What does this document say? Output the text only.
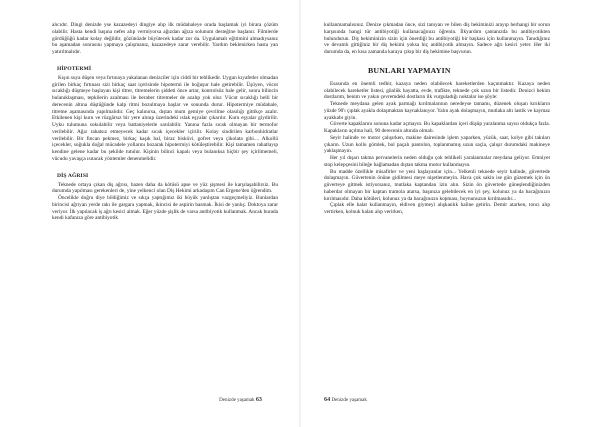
alıcıdır. Dingi denizde yse kazazedeyi dingiye alıp ilk müdahaleye orada başlamak iyi birara çözüm olabilir. Hasta kendi başına nefes alıp vermiyorsa ağızdan ağıza solunum desteğine başlanır. Filmlerde gördüğüğü kadar kolay değildir, gözünüzde büyütecek kadar zor da. Uygulamalı eğitimini almadıysanız bu aşamadan sonrasını yapmaya çalışmanız, kazazedeye zarar verebilir. Yardım beklenirken hasta yan yatırılmalıdır.

HİPOTERMİ

Kışın suya düşen veya fırtınaya yakalanan denizciler için ciddi bir tehlikedir. Uygun kıyafetler olmadan girilen birkaç fırtınası sizi birkaç saat içerisinde hipotermi ile boğuşur hale getirebilir. Üşüyen, vücut sıcaklığı düşmeye başlayan kişi titrer, titremelerin şiddeti önce artar, kontrolsüz hale gelir, sonra bilincin bulanıklaşması, tepkilerin azalması ile beraber titremeler de azalıp yok olur. Vücut sıcaklığı belli bir derecenin altına düştüğünde kalp ritmi bozulmaya başlar ve sonunda durur. Hipotermiye müdahale, titreme aşamasında yapılmalıdır. Geç kalınırsa, dıştan mum gemiye çevrilme olasılığı gittikçe azalır. Etkilenen kişi kuru ve rüzgârsız bir yere alınıp üzerindeki ıslak eşyalar çıkarılır. Kuru eşyalar giydirilir. Uyku tulumuna sokulabilir veya battaniyelerle sarılabilir. Yanına fazla sıcak olmayan bir termofor verilebilir. Ağız rahatsız etmeyecek kadar sıcak içecekler içirilir. Kolay sindirilen karbonhidratlar verilebilir. Bir fincan pekmez, birkaç kaşık bal, biraz bisküvi, gofret veya çikolata gibi.... Alkollü içecekler, soğukla doğal mücadele yollarını bozarak hipotermiyi kötüleştirebilir. Kişi tamamen rahatlayıp kendine gelene kadar bu şekilde tutulur. Kişinin bilinci kapalı veya bulanıksa hiçbir şey içirilmemeli, vücudu yavaşça ısıtacak yöntemler denenmelidir.

DİŞ AĞRISI

Teknede ortaya çıkan diş ağrısı, bazen daha da kötüsü apse ve yüz şişmesi ile karşılaşabilirsiz. Bu durumda yapılması gerekenleri de, yine yelkenci olan Diş Hekimi arkadaşım Can Ergene'den öğrendim.

Öncelikle doğru diye bildiğimiz ve sıkça yaptığımız iki büyük yanlıştan vazgeçmeliyiz. Bunlardan birincisi ağrıyan yerde rakı ile gargara yapmak, ikincisi de aspirin basmak. İkisi de yanlış. Doktoya zarar veriyor. İlk yapılacak iş ağrı kesici almak. Eğer yüzde şişlik de varsa antibiyotik kullanmak. Ancak burada kendi kafanıza göre antibiyotik

Denizde yaşamak 63

kullanmamalısınız. Denize çıkmadan önce, sizi tanıyan ve bilen diş hekiminizi arayıp herhangi bir sorun karşısında hangi tür antibiyotiği kullanacağınızı öğrenin. İlkyardım çantanızda bu antibiyotikten bulundurun. Diş hekiminizin sizin için önerdiği bu antibiyotiği bir başkası için kullanmayın. Tanıdığınız ve devamlı gittiğiniz bir diş hekimi yoksa hiç antibiyotik almayın. Sadece ağrı kesici yeter. Her iki durumda da, en kısa zamanda karaya çıkıp bir diş hekimine başvurun.

BUNLARI YAPMAYIN

Esasında en önemli tedbir, kazaya neden olabilecek hareketlerden kaçınmaktır. Kazaya neden olabilecek hareketler listesi, günlük hayatta, evde, trafikte, teknede çok uzun bir listedir. Denizci hekim dostlarım, benim ve yakın çevremdeki dostların ilk vurguladığı noktalar ise şöyle:

Teknede meydana gelen ayak parmağı kırılmalarının neredeyse tamamı, düzenek oluşan kırıkların yüzde 90'ı çıplak ayakla dolaşmaktan kaynaklanıyor. Yalın ayak dolaşmayın, mutlaka altı lastik ve kaymaz ayakkabı giyin.

Güverte kapaklarını sonuna kadar açmayın. Bu kapaklardan içeri düşüp yaralanma sayısı oldukça fazla. Kapakların açılma hali, 90 derecenin altında olmalı.

Seyir halinde ve motor çalışırken, makine dairesinde işlem yaparken, yüzük, saat, kolye gibi takıları çıkarın. Uzun kollu gömlek, bol paçalı pantolon, toplanmamış uzun saçla, çalışır durumdaki makineye yaklaşmayın.

Her yıl dışarı takma pervanelerin neden olduğu çok tehlikeli yaralanmalar meydana geliyor. Emniyet stop kelepçesini bileğe bağlamadan dıştan takma motor kullanmayın.

Bu madde özellikle misafirler ve yeni başlayanlar için... Yelkenli teknede seyir halinde, güvertede dolaşmayın. Güvertenin önüne gidilmesi meye nişetlenmeyin. Hava çok sakin ise gün güzemek için ön güverteye gitmek istiyorsanız, mutlaka kaptandan izin alın. Sizin ön güvertede güneşlendiğinizden haberdar olmayan bir kaptan tramola atarsa, başınıza gelebilecek en iyi şey, kolunuz ya da bacağınızın kırılmasıdır. Daha kötüleri, kolunuz ya da bacağınızın kopması, boynunuzun kırılmasıdır...

Çıplak elle halat kullanmayın, eldiven giymeyi alışkanlık haline getirin. Demir atarken, toncı alıp vertirken, kolnuk halatı alıp verirken,

64 Denizde yaşamak
